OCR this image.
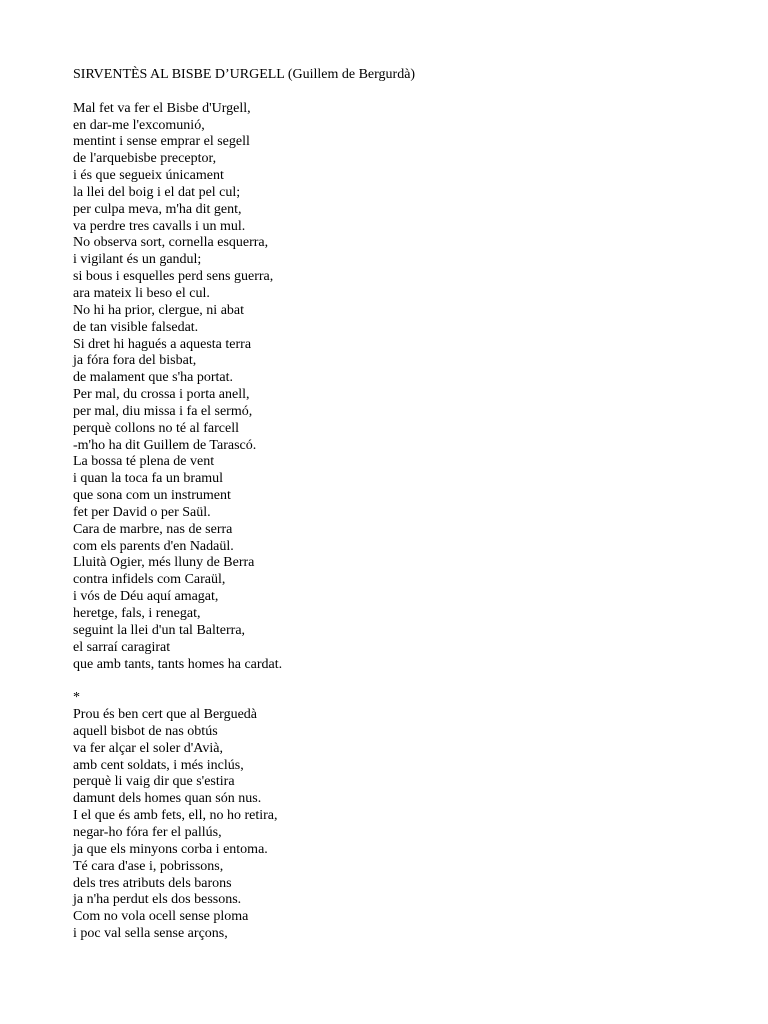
SIRVENTÈS AL BISBE D’URGELL (Guillem de Bergurdà)
Mal fet va fer el Bisbe d'Urgell,
en dar-me l'excomunió,
mentint i sense emprar el segell
de l'arquebisbe preceptor,
i és que segueix únicament
la llei del boig i el dat pel cul;
per culpa meva, m'ha dit gent,
va perdre tres cavalls i un mul.
No observa sort, cornella esquerra,
i vigilant és un gandul;
si bous i esquelles perd sens guerra,
ara mateix li beso el cul.
No hi ha prior, clergue, ni abat
de tan visible falsedat.
Si dret hi hagués a aquesta terra
ja fóra fora del bisbat,
de malament que s'ha portat.
Per mal, du crossa i porta anell,
per mal, diu missa i fa el sermó,
perquè collons no té al farcell
-m'ho ha dit Guillem de Tarascó.
La bossa té plena de vent
i quan la toca fa un bramul
que sona com un instrument
fet per David o per Saül.
Cara de marbre, nas de serra
com els parents d'en Nadaül.
Lluità Ogier, més lluny de Berra
contra infidels com Caraül,
i vós de Déu aquí amagat,
heretge, fals, i renegat,
seguint la llei d'un tal Balterra,
el sarraí caragirat
que amb tants, tants homes ha cardat.
*
Prou és ben cert que al Berguedà
aquell bisbot de nas obtús
va fer alçar el soler d'Avià,
amb cent soldats, i més inclús,
perquè li vaig dir que s'estira
damunt dels homes quan són nus.
I el que és amb fets, ell, no ho retira,
negar-ho fóra fer el pallús,
ja que els minyons corba i entoma.
Té cara d'ase i, pobrissons,
dels tres atributs dels barons
ja n'ha perdut els dos bessons.
Com no vola ocell sense ploma
i poc val sella sense arçons,
